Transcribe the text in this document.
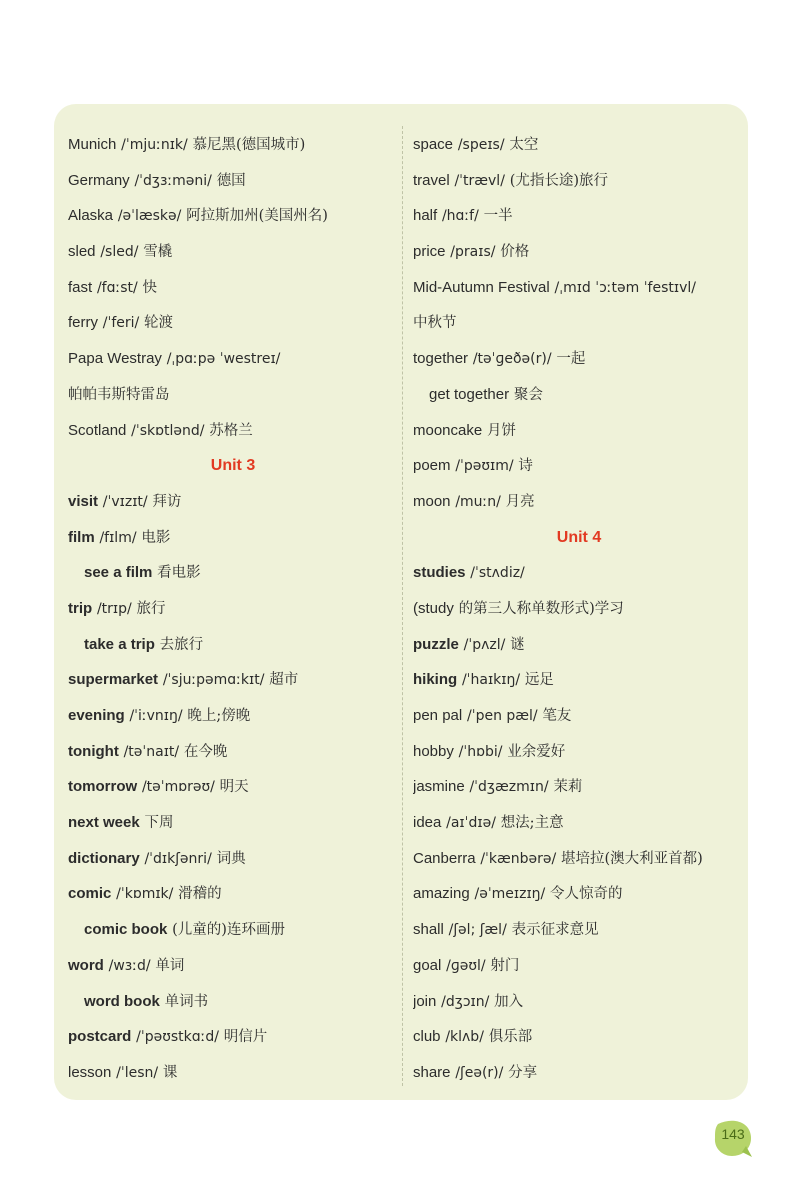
Munich /ˈmjuːnɪk/ 慕尼黑(德国城市)
Germany /ˈdʒɜːməni/ 德国
Alaska /əˈlæskə/ 阿拉斯加州(美国州名)
sled /sled/ 雪橇
fast /fɑːst/ 快
ferry /ˈferi/ 轮渡
Papa Westray /ˌpɑːpə ˈwestreɪ/
帕帕韦斯特雷岛
Scotland /ˈskɒtlənd/ 苏格兰
Unit 3
visit /ˈvɪzɪt/ 拜访
film /fɪlm/ 电影
see a film 看电影
trip /trɪp/ 旅行
take a trip 去旅行
supermarket /ˈsjuːpəmɑːkɪt/ 超市
evening /ˈiːvnɪŋ/ 晚上;傍晚
tonight /təˈnaɪt/ 在今晚
tomorrow /təˈmɒrəʊ/ 明天
next week 下周
dictionary /ˈdɪkʃənri/ 词典
comic /ˈkɒmɪk/ 滑稽的
comic book (儿童的)连环画册
word /wɜːd/ 单词
word book 单词书
postcard /ˈpəʊstkɑːd/ 明信片
lesson /ˈlesn/ 课
space /speɪs/ 太空
travel /ˈtrævl/ (尤指长途)旅行
half /hɑːf/ 一半
price /praɪs/ 价格
Mid-Autumn Festival /ˌmɪd ˈɔːtəm ˈfestɪvl/
中秋节
together /təˈɡeðə(r)/ 一起
get together 聚会
mooncake 月饼
poem /ˈpəʊɪm/ 诗
moon /muːn/ 月亮
Unit 4
studies /ˈstʌdiz/
(study 的第三人称单数形式)学习
puzzle /ˈpʌzl/ 谜
hiking /ˈhaɪkɪŋ/ 远足
pen pal /ˈpen pæl/ 笔友
hobby /ˈhɒbi/ 业余爱好
jasmine /ˈdʒæzmɪn/ 茉莉
idea /aɪˈdɪə/ 想法;主意
Canberra /ˈkænbərə/ 堪培拉(澳大利亚首都)
amazing /əˈmeɪzɪŋ/ 令人惊奇的
shall /ʃəl; ʃæl/ 表示征求意见
goal /ɡəʊl/ 射门
join /dʒɔɪn/ 加入
club /klʌb/ 俱乐部
share /ʃeə(r)/ 分享
143
